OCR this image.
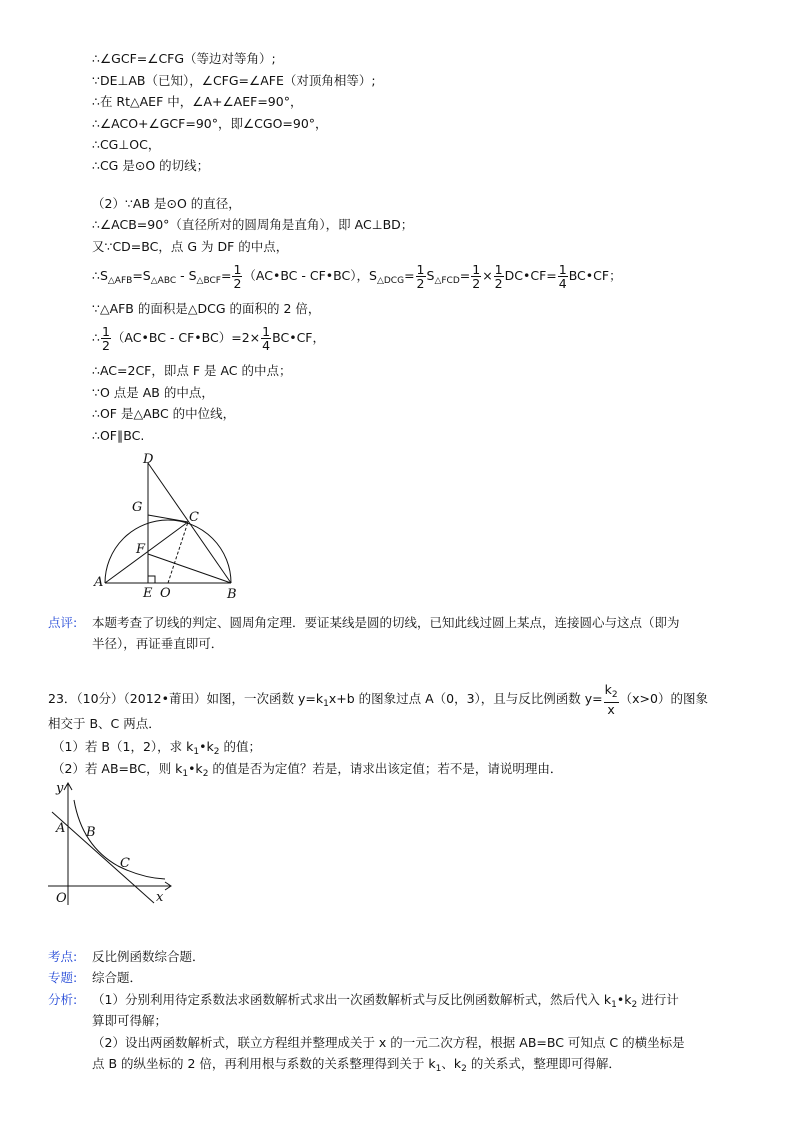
∴∠GCF=∠CFG（等边对等角）;
∵DE⊥AB（已知），∠CFG=∠AFE（对顶角相等）;
∴在 Rt△AEF 中，∠A+∠AEF=90°，
∴∠ACO+∠GCF=90°，即∠CGO=90°，
∴CG⊥OC，
∴CG 是⊙O 的切线；
（2）∵AB 是⊙O 的直径，
∴∠ACB=90°（直径所对的圆周角是直角），即 AC⊥BD；
又∵CD=BC，点 G 为 DF 的中点，
$\therefore S_{\triangle AFB}=S_{\triangle ABC} - S_{\triangle BCF}= \frac{1}{2}$ （AC•BC - CF•BC），$S_{\triangle DCG}= \frac{1}{2} S_{\triangle FCD}= \frac{1}{2} \times \frac{1}{2}$ DC•CF= $\frac{1}{4}$ BC•CF；
∵△AFB 的面积是△DCG 的面积的 2 倍，
∴ $\frac{1}{2}$ （AC•BC - CF•BC）=2× $\frac{1}{4}$ BC•CF，
∴AC=2CF，即点 F 是 AC 的中点；
∵O 点是 AB 的中点，
∴OF 是△ABC 的中位线，
∴OF∥BC.
D
G
C
F
A
E O	B
点评: 本题考查了切线的判定、圆周角定理．要证某线是圆的切线，已知此线过圆上某点，连接圆心与这点（即为
半径），再证垂直即可．
23．（10分）（2012•莆田）如图，一次函数 $y=k_1x+b$ 的图象过点 A（0，3），且与反比例函数 $y= \frac{k_2}{x} (x>0)$的图象
相交于 B、C 两点．
（1）若 B（1，2），求 $k_1•k_2$ 的值；
（2）若 AB=BC，则 $k_1•k_2$ 的值是否为定值？若是，请求出该定值；若不是，请说明理由．
y
A B
C
O	x
考点: 反比例函数综合题．
专题: 综合题．
分析: （1）分别利用待定系数法求函数解析式求出一次函数解析式与反比例函数解析式，然后代入 $k_1•k_2$ 进行计
算即可得解；
（2）设出两函数解析式，联立方程组并整理成关于 x 的一元二次方程，根据 AB=BC 可知点 C 的横坐标是
点 B 的纵坐标的 2 倍，再利用根与系数的关系整理得到关于 $k_1$、$k_2$ 的关系式，整理即可得解．
